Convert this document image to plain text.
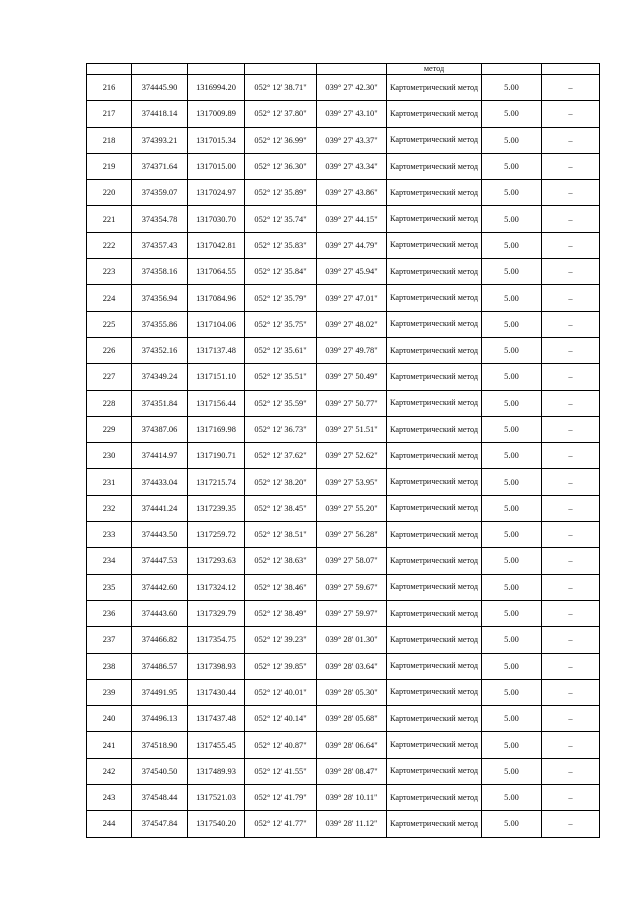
					метод		
216	374445.90	1316994.20	052° 12' 38.71"	039° 27' 42.30"	Картометрический метод	5.00	–
217	374418.14	1317009.89	052° 12' 37.80"	039° 27' 43.10"	Картометрический метод	5.00	–
218	374393.21	1317015.34	052° 12' 36.99"	039° 27' 43.37"	Картометрический метод	5.00	–
219	374371.64	1317015.00	052° 12' 36.30"	039° 27' 43.34"	Картометрический метод	5.00	–
220	374359.07	1317024.97	052° 12' 35.89"	039° 27' 43.86"	Картометрический метод	5.00	–
221	374354.78	1317030.70	052° 12' 35.74"	039° 27' 44.15"	Картометрический метод	5.00	–
222	374357.43	1317042.81	052° 12' 35.83"	039° 27' 44.79"	Картометрический метод	5.00	–
223	374358.16	1317064.55	052° 12' 35.84"	039° 27' 45.94"	Картометрический метод	5.00	–
224	374356.94	1317084.96	052° 12' 35.79"	039° 27' 47.01"	Картометрический метод	5.00	–
225	374355.86	1317104.06	052° 12' 35.75"	039° 27' 48.02"	Картометрический метод	5.00	–
226	374352.16	1317137.48	052° 12' 35.61"	039° 27' 49.78"	Картометрический метод	5.00	–
227	374349.24	1317151.10	052° 12' 35.51"	039° 27' 50.49"	Картометрический метод	5.00	–
228	374351.84	1317156.44	052° 12' 35.59"	039° 27' 50.77"	Картометрический метод	5.00	–
229	374387.06	1317169.98	052° 12' 36.73"	039° 27' 51.51"	Картометрический метод	5.00	–
230	374414.97	1317190.71	052° 12' 37.62"	039° 27' 52.62"	Картометрический метод	5.00	–
231	374433.04	1317215.74	052° 12' 38.20"	039° 27' 53.95"	Картометрический метод	5.00	–
232	374441.24	1317239.35	052° 12' 38.45"	039° 27' 55.20"	Картометрический метод	5.00	–
233	374443.50	1317259.72	052° 12' 38.51"	039° 27' 56.28"	Картометрический метод	5.00	–
234	374447.53	1317293.63	052° 12' 38.63"	039° 27' 58.07"	Картометрический метод	5.00	–
235	374442.60	1317324.12	052° 12' 38.46"	039° 27' 59.67"	Картометрический метод	5.00	–
236	374443.60	1317329.79	052° 12' 38.49"	039° 27' 59.97"	Картометрический метод	5.00	–
237	374466.82	1317354.75	052° 12' 39.23"	039° 28' 01.30"	Картометрический метод	5.00	–
238	374486.57	1317398.93	052° 12' 39.85"	039° 28' 03.64"	Картометрический метод	5.00	–
239	374491.95	1317430.44	052° 12' 40.01"	039° 28' 05.30"	Картометрический метод	5.00	–
240	374496.13	1317437.48	052° 12' 40.14"	039° 28' 05.68"	Картометрический метод	5.00	–
241	374518.90	1317455.45	052° 12' 40.87"	039° 28' 06.64"	Картометрический метод	5.00	–
242	374540.50	1317489.93	052° 12' 41.55"	039° 28' 08.47"	Картометрический метод	5.00	–
243	374548.44	1317521.03	052° 12' 41.79"	039° 28' 10.11"	Картометрический метод	5.00	–
244	374547.84	1317540.20	052° 12' 41.77"	039° 28' 11.12"	Картометрический метод	5.00	–
